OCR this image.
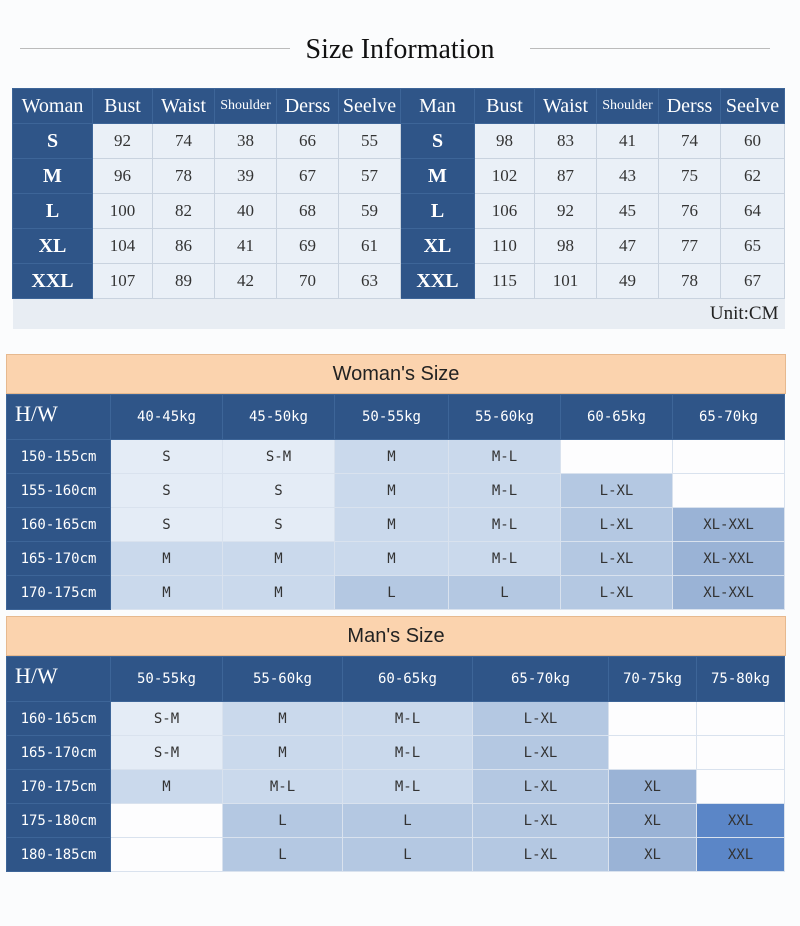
Size Information
Woman	Bust	Waist	Shoulder	Derss	Seelve	Man	Bust	Waist	Shoulder	Derss	Seelve
S	92	74	38	66	55	S	98	83	41	74	60
M	96	78	39	67	57	M	102	87	43	75	62
L	100	82	40	68	59	L	106	92	45	76	64
XL	104	86	41	69	61	XL	110	98	47	77	65
XXL	107	89	42	70	63	XXL	115	101	49	78	67
Unit:CM											
Woman's Size
H/W	40-45kg	45-50kg	50-55kg	55-60kg	60-65kg	65-70kg
150-155cm	S	S-M	M	M-L		
155-160cm	S	S	M	M-L	L-XL	
160-165cm	S	S	M	M-L	L-XL	XL-XXL
165-170cm	M	M	M	M-L	L-XL	XL-XXL
170-175cm	M	M	L	L	L-XL	XL-XXL
Man's Size
H/W	50-55kg	55-60kg	60-65kg	65-70kg	70-75kg	75-80kg
160-165cm	S-M	M	M-L	L-XL		
165-170cm	S-M	M	M-L	L-XL		
170-175cm	M	M-L	M-L	L-XL	XL	
175-180cm		L	L	L-XL	XL	XXL
180-185cm		L	L	L-XL	XL	XXL
